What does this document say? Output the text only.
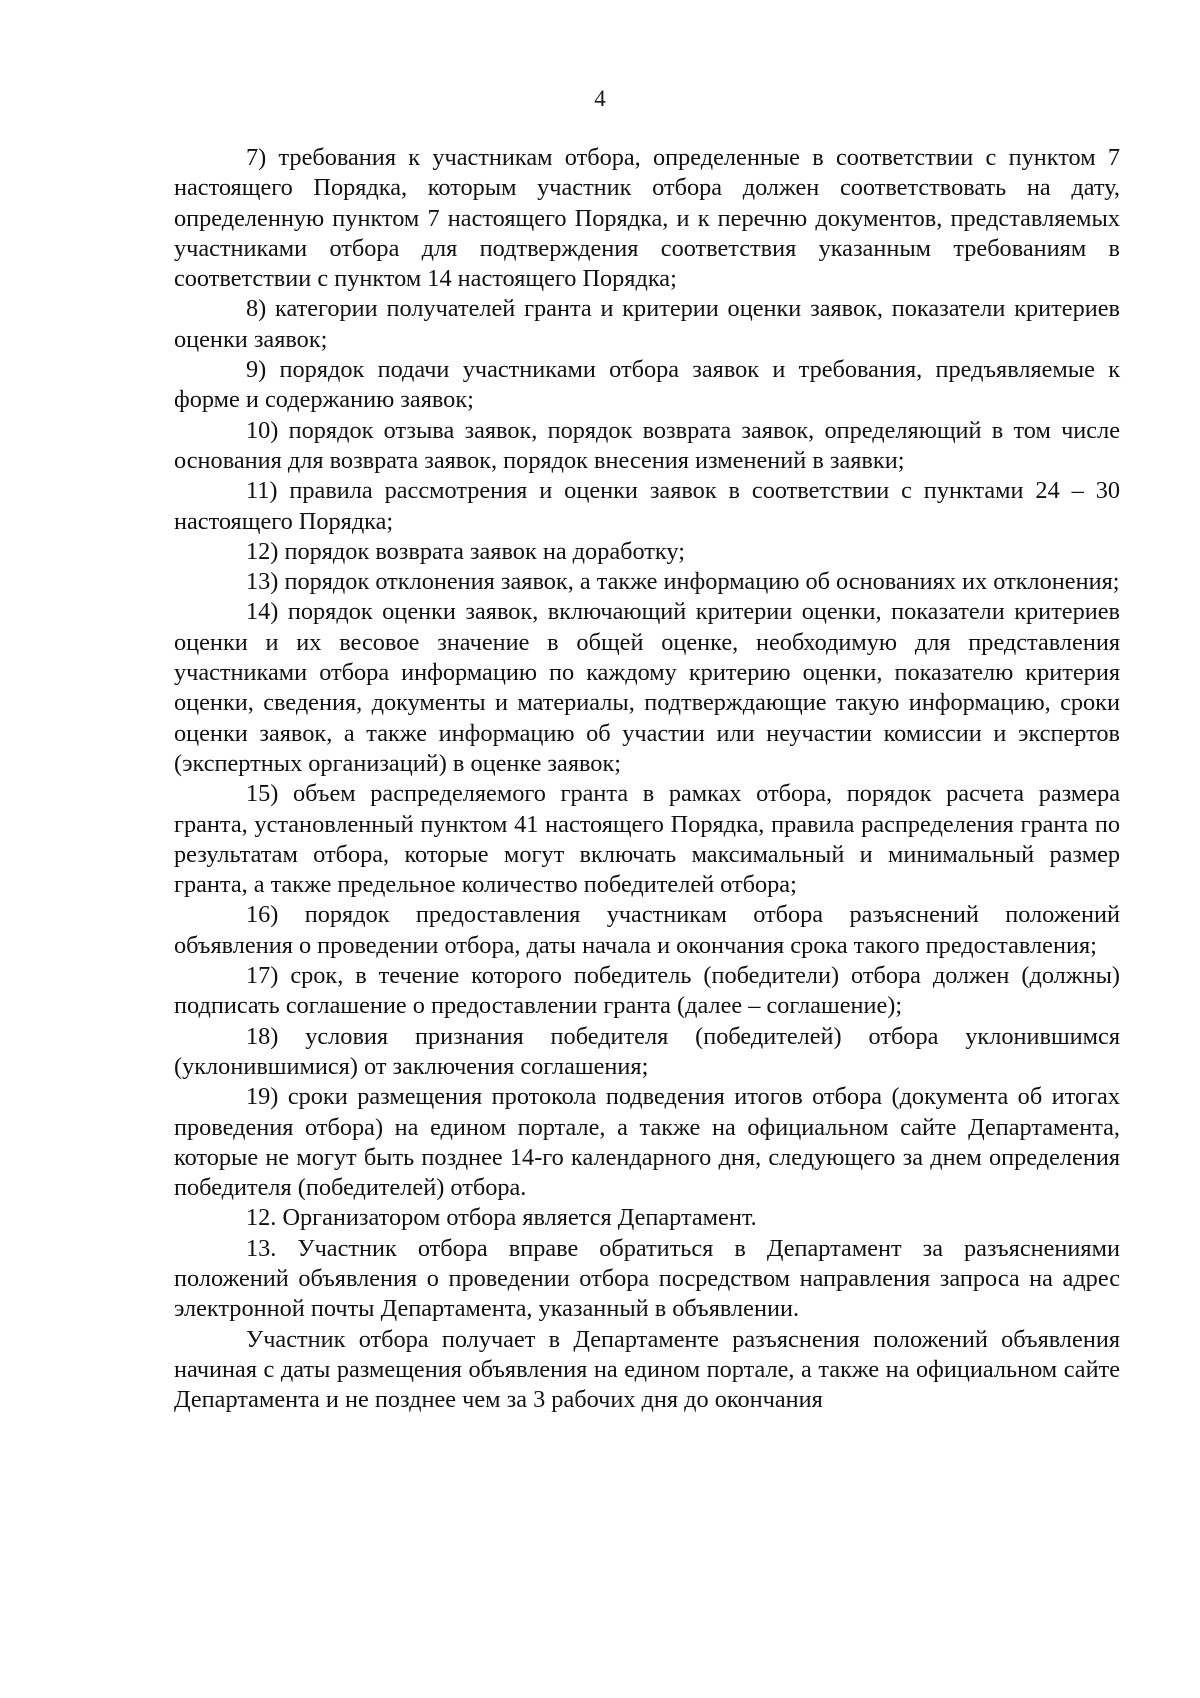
4

7) требования к участникам отбора, определенные в соответствии с пунктом 7 настоящего Порядка, которым участник отбора должен соответствовать на дату, определенную пунктом 7 настоящего Порядка, и к перечню документов, представляемых участниками отбора для подтверждения соответствия указанным требованиям в соответствии с пунктом 14 настоящего Порядка;

8) категории получателей гранта и критерии оценки заявок, показатели критериев оценки заявок;

9) порядок подачи участниками отбора заявок и требования, предъявляемые к форме и содержанию заявок;

10) порядок отзыва заявок, порядок возврата заявок, определяющий в том числе основания для возврата заявок, порядок внесения изменений в заявки;

11) правила рассмотрения и оценки заявок в соответствии с пунктами 24 – 30 настоящего Порядка;

12) порядок возврата заявок на доработку;

13) порядок отклонения заявок, а также информацию об основаниях их отклонения;

14) порядок оценки заявок, включающий критерии оценки, показатели критериев оценки и их весовое значение в общей оценке, необходимую для представления участниками отбора информацию по каждому критерию оценки, показателю критерия оценки, сведения, документы и материалы, подтверждающие такую информацию, сроки оценки заявок, а также информацию об участии или неучастии комиссии и экспертов (экспертных организаций) в оценке заявок;

15) объем распределяемого гранта в рамках отбора, порядок расчета размера гранта, установленный пунктом 41 настоящего Порядка, правила распределения гранта по результатам отбора, которые могут включать максимальный и минимальный размер гранта, а также предельное количество победителей отбора;

16) порядок предоставления участникам отбора разъяснений положений объявления о проведении отбора, даты начала и окончания срока такого предоставления;

17) срок, в течение которого победитель (победители) отбора должен (должны) подписать соглашение о предоставлении гранта (далее – соглашение);

18) условия признания победителя (победителей) отбора уклонившимся (уклонившимися) от заключения соглашения;

19) сроки размещения протокола подведения итогов отбора (документа об итогах проведения отбора) на едином портале, а также на официальном сайте Департамента, которые не могут быть позднее 14-го календарного дня, следующего за днем определения победителя (победителей) отбора.

12. Организатором отбора является Департамент.

13. Участник отбора вправе обратиться в Департамент за разъяснениями положений объявления о проведении отбора посредством направления запроса на адрес электронной почты Департамента, указанный в объявлении.

Участник отбора получает в Департаменте разъяснения положений объявления начиная с даты размещения объявления на едином портале, а также на официальном сайте Департамента и не позднее чем за 3 рабочих дня до окончания
